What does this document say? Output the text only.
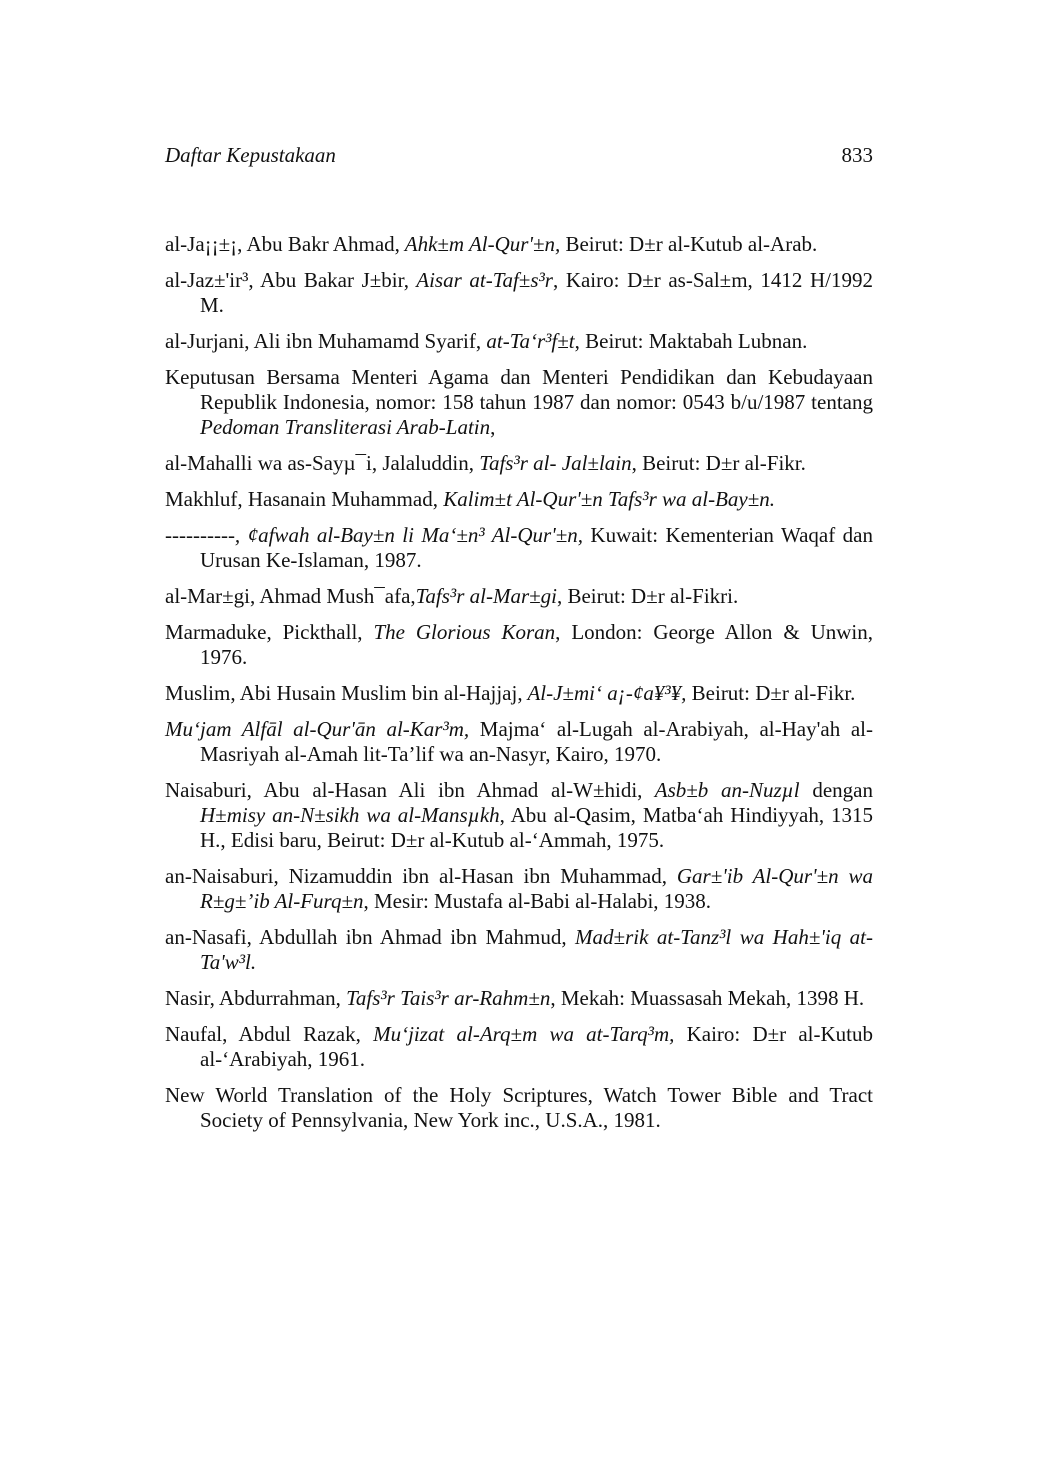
Daftar Kepustakaan	833

al-Ja¡¡±¡, Abu Bakr Ahmad, Ahk±m Al-Qur'±n, Beirut: D±r al-Kutub al-Arab.

al-Jaz±'ir³, Abu Bakar J±bir, Aisar at-Taf±s³r, Kairo: D±r as-Sal±m, 1412 H/1992 M.

al-Jurjani, Ali ibn Muhamamd Syarif, at-Ta‘r³f±t, Beirut: Maktabah Lubnan.

Keputusan Bersama Menteri Agama dan Menteri Pendidikan dan Kebudayaan Republik Indonesia, nomor: 158 tahun 1987 dan nomor: 0543 b/u/1987 tentang Pedoman Transliterasi Arab-Latin,

al-Mahalli wa as-Sayµ¯i, Jalaluddin, Tafs³r al- Jal±lain, Beirut: D±r al-Fikr.

Makhluf, Hasanain Muhammad, Kalim±t Al-Qur'±n Tafs³r wa al-Bay±n.

----------, ¢afwah al-Bay±n li Ma‘±n³ Al-Qur'±n, Kuwait: Kementerian Waqaf dan Urusan Ke-Islaman, 1987.

al-Mar±gi, Ahmad Mush¯afa,Tafs³r al-Mar±gi, Beirut: D±r al-Fikri.

Marmaduke, Pickthall, The Glorious Koran, London: George Allon & Unwin, 1976.

Muslim, Abi Husain Muslim bin al-Hajjaj, Al-J±mi‘ a¡-¢a¥³¥, Beirut: D±r al-Fikr.

Mu‘jam Alfāl al-Qur'ān al-Kar³m, Majma‘ al-Lugah al-Arabiyah, al-Hay'ah al-Masriyah al-Amah lit-Ta’lif wa an-Nasyr, Kairo, 1970.

Naisaburi, Abu al-Hasan Ali ibn Ahmad al-W±hidi, Asb±b an-Nuzµl dengan H±misy an-N±sikh wa al-Mansµkh, Abu al-Qasim, Matba‘ah Hindiyyah, 1315 H., Edisi baru, Beirut: D±r al-Kutub al-‘Ammah, 1975.

an-Naisaburi, Nizamuddin ibn al-Hasan ibn Muhammad, Gar±'ib Al-Qur'±n wa R±g±’ib Al-Furq±n, Mesir: Mustafa al-Babi al-Halabi, 1938.

an-Nasafi, Abdullah ibn Ahmad ibn Mahmud, Mad±rik at-Tanz³l wa Hah±'iq at-Ta'w³l.

Nasir, Abdurrahman, Tafs³r Tais³r ar-Rahm±n, Mekah: Muassasah Mekah, 1398 H.

Naufal, Abdul Razak, Mu‘jizat al-Arq±m wa at-Tarq³m, Kairo: D±r al-Kutub al-‘Arabiyah, 1961.

New World Translation of the Holy Scriptures, Watch Tower Bible and Tract Society of Pennsylvania, New York inc., U.S.A., 1981.
